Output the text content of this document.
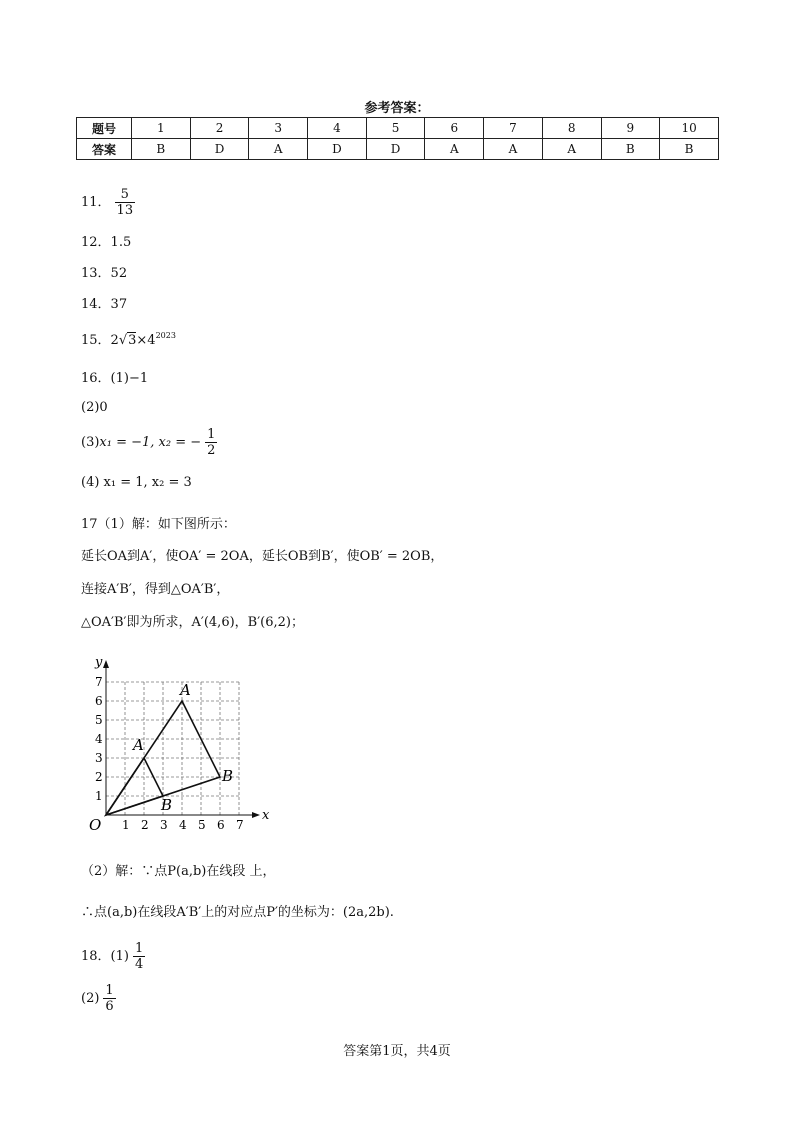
参考答案：
题号	1	2	3	4	5	6	7	8	9	10
答案	B	D	A	D	D	A	A	A	B	B
11． $\frac{5}{13}$
12．1.5
13．52
14．37
15．$2√3\times 4^{2023}$
16．(1)−1
(2)0
(3)x₁ = −1, x₂ = − $\frac{1}{2}$
(4) x₁ = 1, x₂ = 3
17（1）解：如下图所示：
延长OA到A′，使OA′ = 2OA，延长OB到B′，使OB′ = 2OB，
连接A′B′，得到△OA′B′，
△OA′B′即为所求，A′(4,6)，B′(6,2)；
x
y
O 1 2 3 4 5 6 7
1
2
3
4
5
6
7
A
B
A
B
（2）解：∵点P(a,b)在线段 上，
∴点(a,b)在线段A′B′上的对应点P′的坐标为：(2a,2b).
18．$(1) \frac{1}{4}$
$(2) \frac{1}{6}$
答案第1页，共4页
